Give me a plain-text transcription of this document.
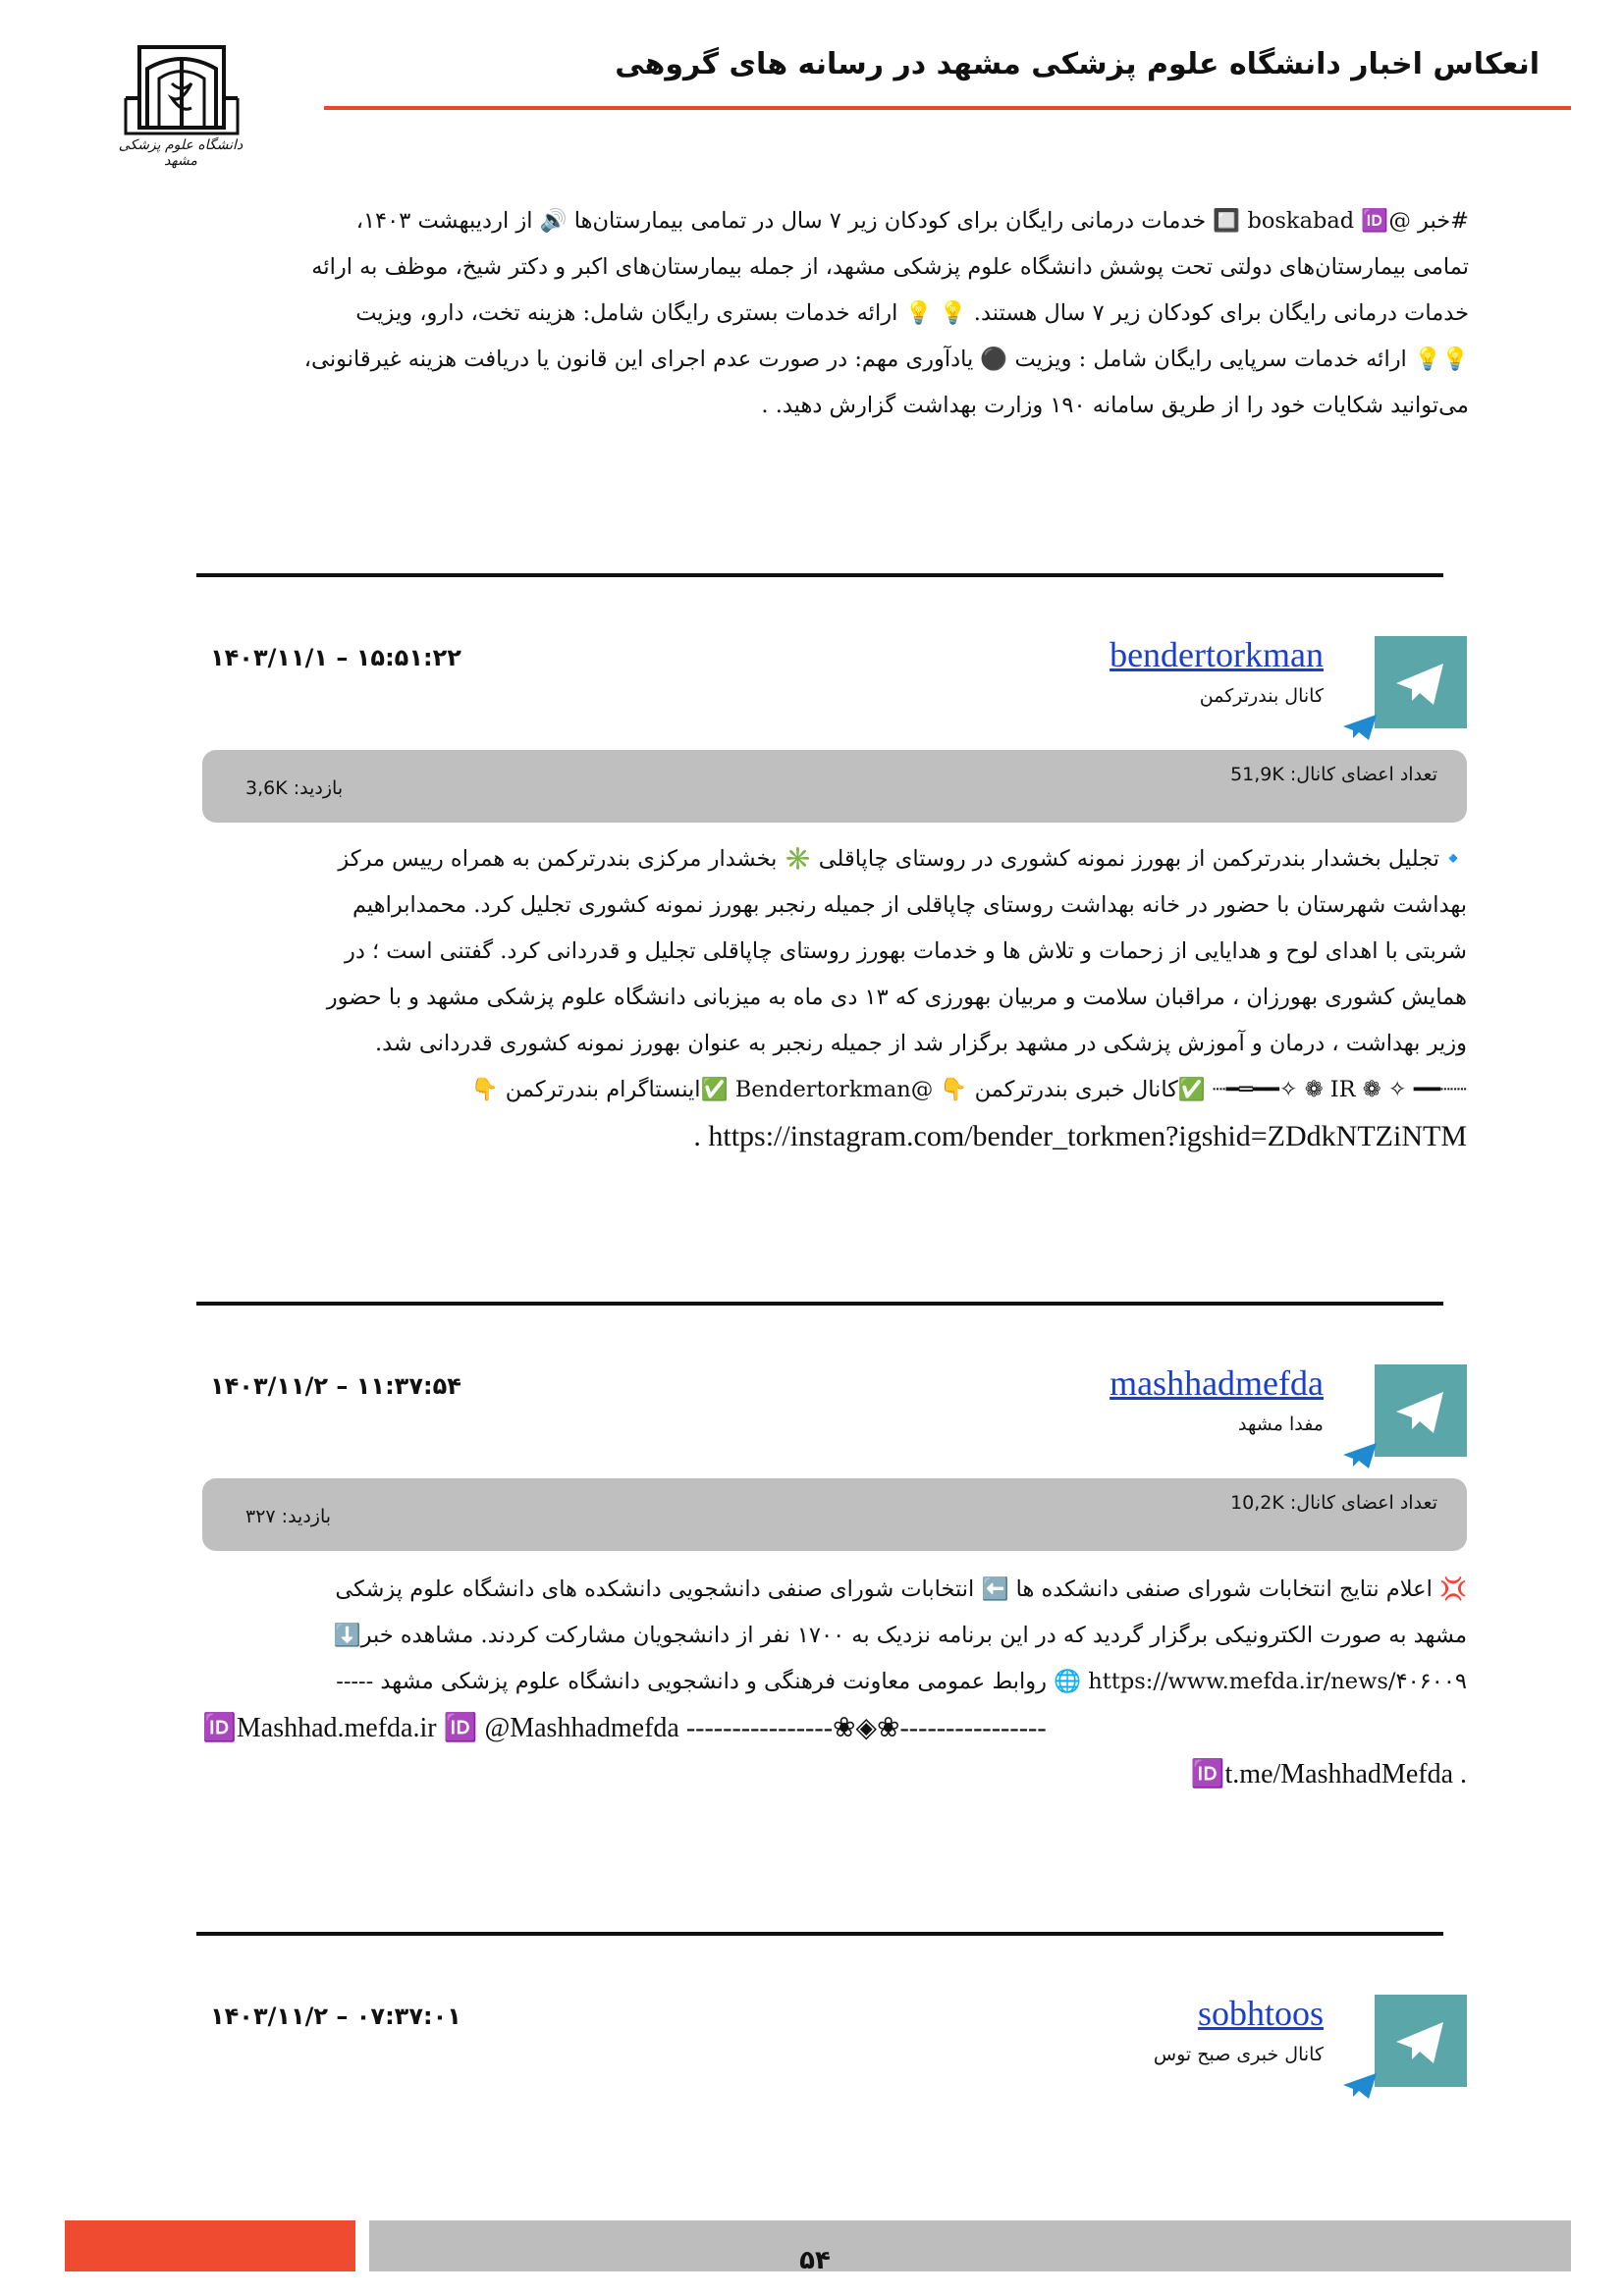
دانشگاه علوم پزشکی مشهد
انعکاس اخبار دانشگاه علوم پزشکی مشهد در رسانه های گروهی
#خبر @boskabad 🆔 🔲 خدمات درمانی رایگان برای کودکان زیر ۷ سال در تمامی بیمارستان‌ها 🔊 از اردیبهشت ۱۴۰۳،
تمامی بیمارستان‌های دولتی تحت پوشش دانشگاه علوم پزشکی مشهد، از جمله بیمارستان‌های اکبر و دکتر شیخ، موظف به ارائه
خدمات درمانی رایگان برای کودکان زیر ۷ سال هستند. 💡 💡 ارائه خدمات بستری رایگان شامل: هزینه تخت، دارو، ویزیت
💡💡 ارائه خدمات سرپایی رایگان شامل : ویزیت ⚫ یادآوری مهم: در صورت عدم اجرای این قانون یا دریافت هزینه غیرقانونی،
می‌توانید شکایات خود را از طریق سامانه ۱۹۰ وزارت بهداشت گزارش دهید. .
bendertorkman
کانال بندرترکمن
۱۴۰۳/۱۱/۱ – ۱۵:۵۱:۲۲
تعداد اعضای کانال: 51,9K
بازدید: 3,6K
🔹تجلیل بخشدار بندرترکمن از بهورز نمونه کشوری در روستای چاپاقلی ✳️ بخشدار مرکزی بندرترکمن به همراه رییس مرکز
بهداشت شهرستان با حضور در خانه بهداشت روستای چاپاقلی از جمیله رنجبر بهورز نمونه کشوری تجلیل کرد. محمدابراهیم
شربتی با اهدای لوح و هدایایی از زحمات و تلاش ها و خدمات بهورز روستای چاپاقلی تجلیل و قدردانی کرد. گفتنی است ؛ در
همایش کشوری بهورزان ، مراقبان سلامت و مربیان بهورزی که ۱۳ دی ماه به میزبانی دانشگاه علوم پزشکی مشهد و با حضور
وزیر بهداشت ، درمان و آموزش پزشکی در مشهد برگزار شد از جمیله رنجبر به عنوان بهورز نمونه کشوری قدردانی شد.
┈┈━━ ✧ ❁ IR ❁ ✧━━═━┈ ✅کانال خبری بندرترکمن 👇 @Bendertorkman ✅اینستاگرام بندرترکمن 👇
https://instagram.com/bender_torkmen?igshid=ZDdkNTZiNTM .
mashhadmefda
مفدا مشهد
۱۴۰۳/۱۱/۲ – ۱۱:۳۷:۵۴
تعداد اعضای کانال: 10,2K
بازدید: ۳۲۷
💢 اعلام نتایج انتخابات شورای صنفی دانشکده ها ⬅️ انتخابات شورای صنفی دانشجویی دانشکده های دانشگاه علوم پزشکی
مشهد به صورت الکترونیکی برگزار گردید که در این برنامه نزدیک به ۱۷۰۰ نفر از دانشجویان مشارکت کردند. مشاهده خبر⬇️
https://www.mefda.ir/news/۴۰۶۰۰۹ 🌐 روابط عمومی معاونت فرهنگی و دانشجویی دانشگاه علوم پزشکی مشهد -----
🆔Mashhad.mefda.ir 🆔 @Mashhadmefda ----------------❀◈❀----------------
🆔t.me/MashhadMefda .
sobhtoos
کانال خبری صبح توس
۱۴۰۳/۱۱/۲ – ۰۷:۳۷:۰۱
۵۴
